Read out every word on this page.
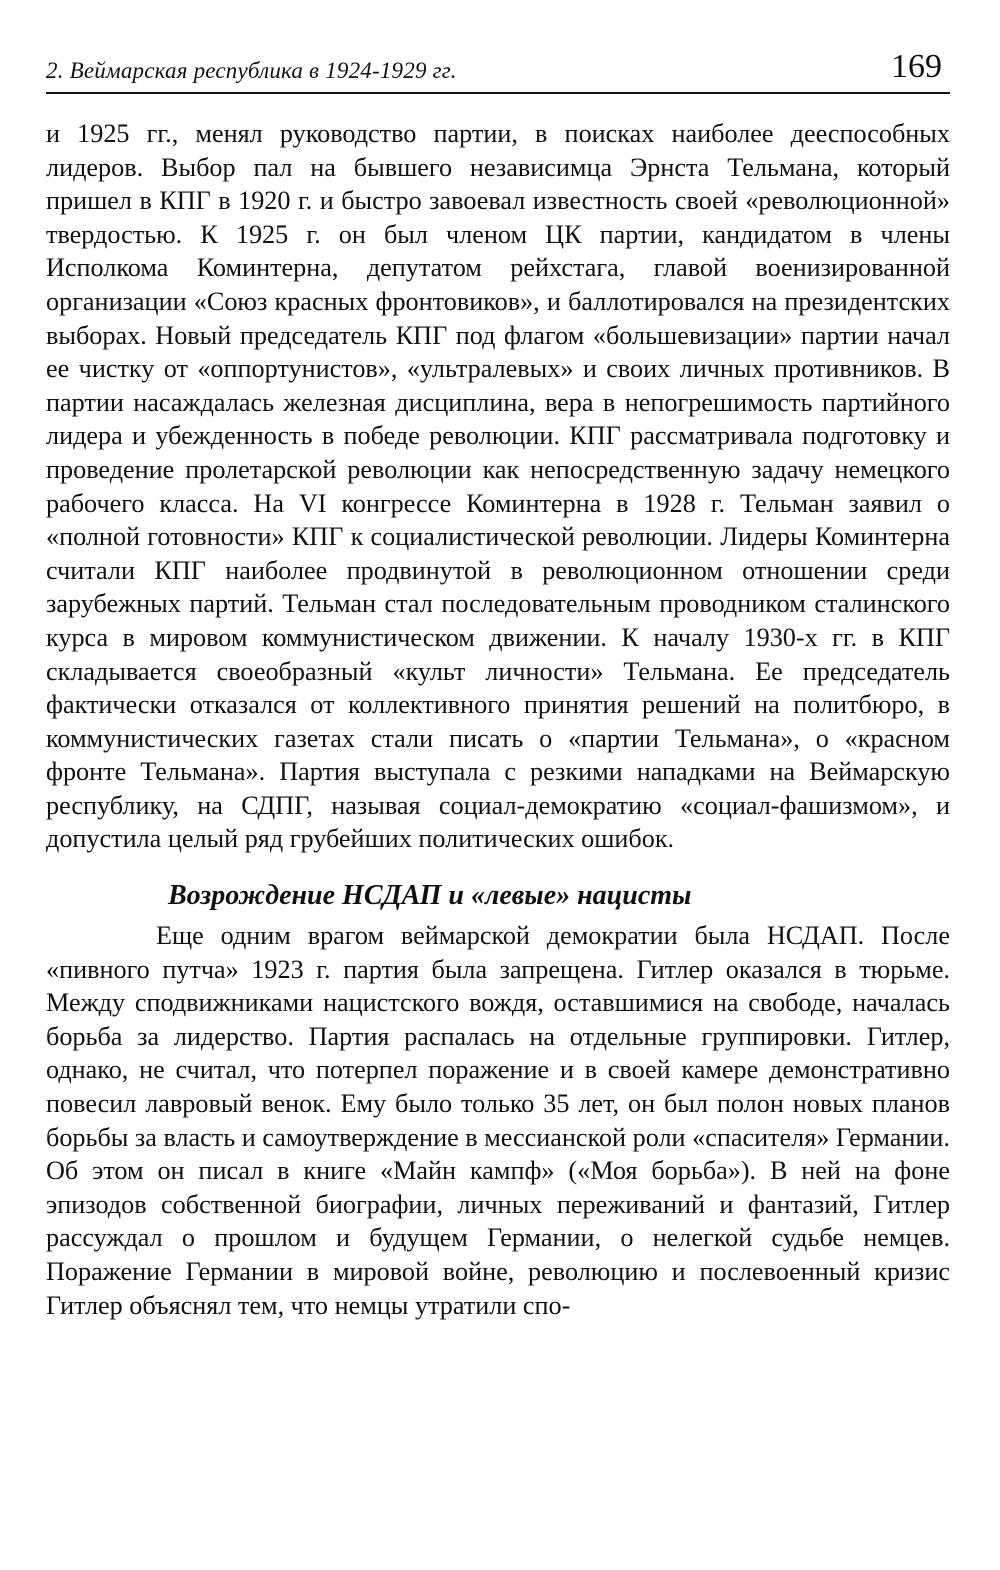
2. Веймарская республика в 1924-1929 гг.	169

и 1925 гг., менял руководство партии, в поисках наиболее дееспособных лидеров. Выбор пал на бывшего независимца Эрнста Тельмана, который пришел в КПГ в 1920 г. и быстро завоевал известность своей «революционной» твердостью. К 1925 г. он был членом ЦК партии, кандидатом в члены Исполкома Коминтерна, депутатом рейхстага, главой военизированной организации «Союз красных фронтовиков», и баллотировался на президентских выборах. Новый председатель КПГ под флагом «большевизации» партии начал ее чистку от «оппортунистов», «ультралевых» и своих личных противников. В партии насаждалась железная дисциплина, вера в непогрешимость партийного лидера и убежденность в победе революции. КПГ рассматривала подготовку и проведение пролетарской революции как непосредственную задачу немецкого рабочего класса. На VI конгрессе Коминтерна в 1928 г. Тельман заявил о «полной готовности» КПГ к социалистической революции. Лидеры Коминтерна считали КПГ наиболее продвинутой в революционном отношении среди зарубежных партий. Тельман стал последовательным проводником сталинского курса в мировом коммунистическом движении. К началу 1930-х гг. в КПГ складывается своеобразный «культ личности» Тельмана. Ее председатель фактически отказался от коллективного принятия решений на политбюро, в коммунистических газетах стали писать о «партии Тельмана», о «красном фронте Тельмана». Партия выступала с резкими нападками на Веймарскую республику, на СДПГ, называя социал-демократию «социал-фашизмом», и допустила целый ряд грубейших политических ошибок.

Возрождение НСДАП и «левые» нацисты

Еще одним врагом веймарской демократии была НСДАП. После «пивного путча» 1923 г. партия была запрещена. Гитлер оказался в тюрьме. Между сподвижниками нацистского вождя, оставшимися на свободе, началась борьба за лидерство. Партия распалась на отдельные группировки. Гитлер, однако, не считал, что потерпел поражение и в своей камере демонстративно повесил лавровый венок. Ему было только 35 лет, он был полон новых планов борьбы за власть и самоутверждение в мессианской роли «спасителя» Германии. Об этом он писал в книге «Майн кампф» («Моя борьба»). В ней на фоне эпизодов собственной биографии, личных переживаний и фантазий, Гитлер рассуждал о прошлом и будущем Германии, о нелегкой судьбе немцев. Поражение Германии в мировой войне, революцию и послевоенный кризис Гитлер объяснял тем, что немцы утратили спо-
